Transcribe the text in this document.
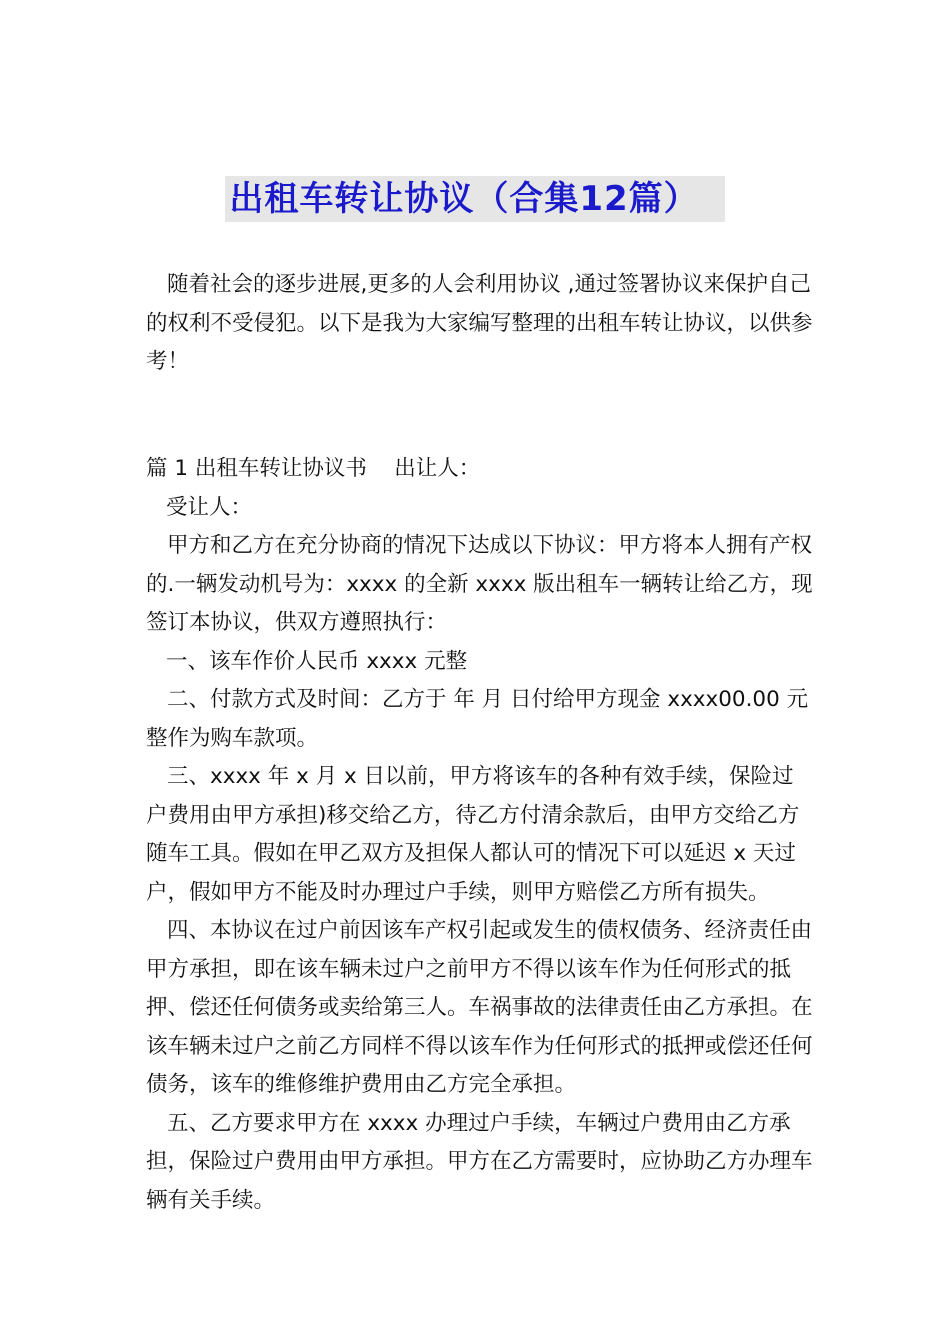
出租车转让协议（合集12篇）

随着社会的逐步进展,更多的人会利用协议 ,通过签署协议来保护自己的权利不受侵犯。以下是我为大家编写整理的出租车转让协议，以供参考！

篇 1 出租车转让协议书 出让人：

受让人：

甲方和乙方在充分协商的情况下达成以下协议：甲方将本人拥有产权的.一辆发动机号为：xxxx 的全新 xxxx 版出租车一辆转让给乙方，现签订本协议，供双方遵照执行：

一、该车作价人民币 xxxx 元整

二、付款方式及时间：乙方于 年 月 日付给甲方现金 xxxx00.00 元整作为购车款项。

三、xxxx 年 x 月 x 日以前，甲方将该车的各种有效手续，保险过户费用由甲方承担)移交给乙方，待乙方付清余款后，由甲方交给乙方随车工具。假如在甲乙双方及担保人都认可的情况下可以延迟 x 天过户，假如甲方不能及时办理过户手续，则甲方赔偿乙方所有损失。

四、本协议在过户前因该车产权引起或发生的债权债务、经济责任由甲方承担，即在该车辆未过户之前甲方不得以该车作为任何形式的抵押、偿还任何债务或卖给第三人。车祸事故的法律责任由乙方承担。在该车辆未过户之前乙方同样不得以该车作为任何形式的抵押或偿还任何债务，该车的维修维护费用由乙方完全承担。

五、乙方要求甲方在 xxxx 办理过户手续，车辆过户费用由乙方承担，保险过户费用由甲方承担。甲方在乙方需要时，应协助乙方办理车辆有关手续。
